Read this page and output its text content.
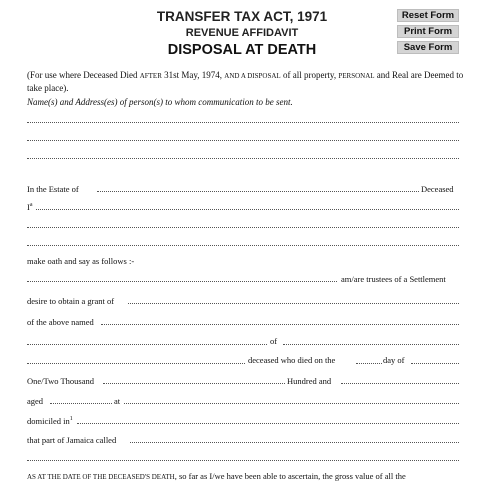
TRANSFER TAX ACT, 1971
REVENUE AFFIDAVIT
DISPOSAL AT DEATH
Reset Form
Print Form
Save Form
(For use where Deceased Died AFTER 31st May, 1974, AND A DISPOSAL of all property, PERSONAL and Real are Deemed to take place).
Name(s) and Address(es) of person(s) to whom communication to be sent.
In the Estate of	Deceased
$I^a$
make oath and say as follows :-
am/are trustees of a Settlement
desire to obtain a grant of
of the above named
of
deceased who died on the	day of
One/Two Thousand	Hundred and
aged	at
domiciled $in^1$
that part of Jamaica called
AS AT THE DATE OF THE DECEASED'S DEATH, so far as I/we have been able to ascertain, the gross value of all the
